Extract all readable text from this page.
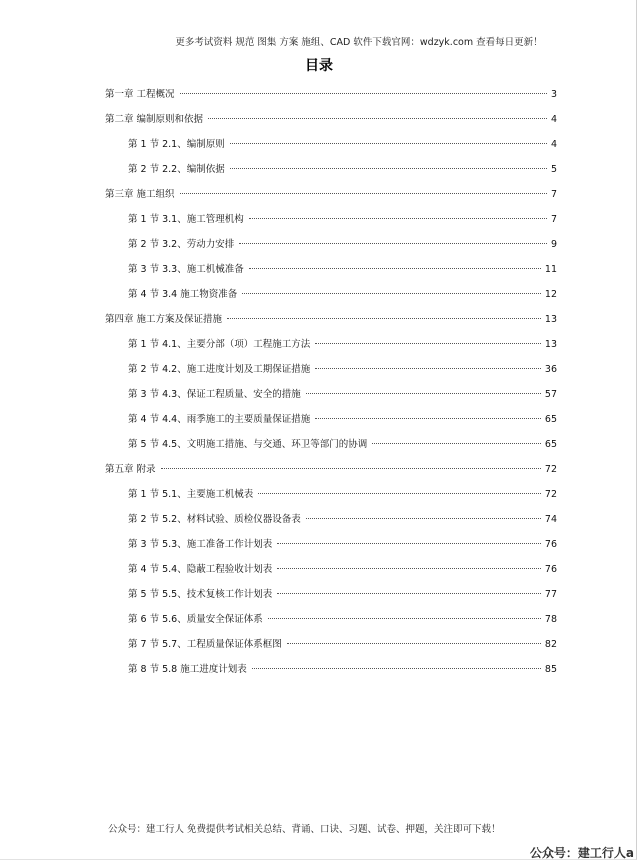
更多考试资料 规范 图集 方案 施组、CAD 软件下载官网：wdzyk.com 查看每日更新！
目录
第一章 工程概况	3
第二章 编制原则和依据	4
第 1 节 2.1、编制原则	4
第 2 节 2.2、编制依据	5
第三章 施工组织	7
第 1 节 3.1、施工管理机构	7
第 2 节 3.2、劳动力安排	9
第 3 节 3.3、施工机械准备	11
第 4 节 3.4 施工物资准备	12
第四章 施工方案及保证措施	13
第 1 节 4.1、主要分部（项）工程施工方法	13
第 2 节 4.2、施工进度计划及工期保证措施	36
第 3 节 4.3、保证工程质量、安全的措施	57
第 4 节 4.4、雨季施工的主要质量保证措施	65
第 5 节 4.5、文明施工措施、与交通、环卫等部门的协调	65
第五章 附录	72
第 1 节 5.1、主要施工机械表	72
第 2 节 5.2、材料试验、质检仪器设备表	74
第 3 节 5.3、施工准备工作计划表	76
第 4 节 5.4、隐蔽工程验收计划表	76
第 5 节 5.5、技术复核工作计划表	77
第 6 节 5.6、质量安全保证体系	78
第 7 节 5.7、工程质量保证体系框图	82
第 8 节 5.8 施工进度计划表	85
公众号：建工行人 免费提供考试相关总结、背诵、口诀、习题、试卷、押题，关注即可下载！
公众号：建工行人a
